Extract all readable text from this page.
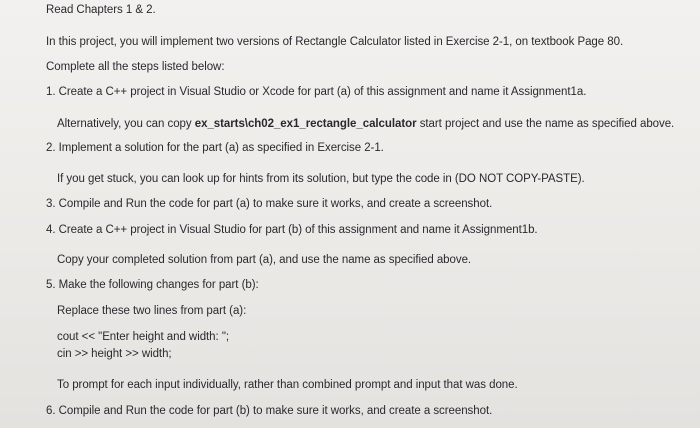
Read Chapters 1 & 2.
In this project, you will implement two versions of Rectangle Calculator listed in Exercise 2-1, on textbook Page 80.
Complete all the steps listed below:
1. Create a C++ project in Visual Studio or Xcode for part (a) of this assignment and name it Assignment1a.
Alternatively, you can copy ex_starts\ch02_ex1_rectangle_calculator start project and use the name as specified above.
2. Implement a solution for the part (a) as specified in Exercise 2-1.
If you get stuck, you can look up for hints from its solution, but type the code in (DO NOT COPY-PASTE).
3. Compile and Run the code for part (a) to make sure it works, and create a screenshot.
4. Create a C++ project in Visual Studio for part (b) of this assignment and name it Assignment1b.
Copy your completed solution from part (a), and use the name as specified above.
5. Make the following changes for part (b):
Replace these two lines from part (a):
cout << "Enter height and width: ";
cin >> height >> width;
To prompt for each input individually, rather than combined prompt and input that was done.
6. Compile and Run the code for part (b) to make sure it works, and create a screenshot.
